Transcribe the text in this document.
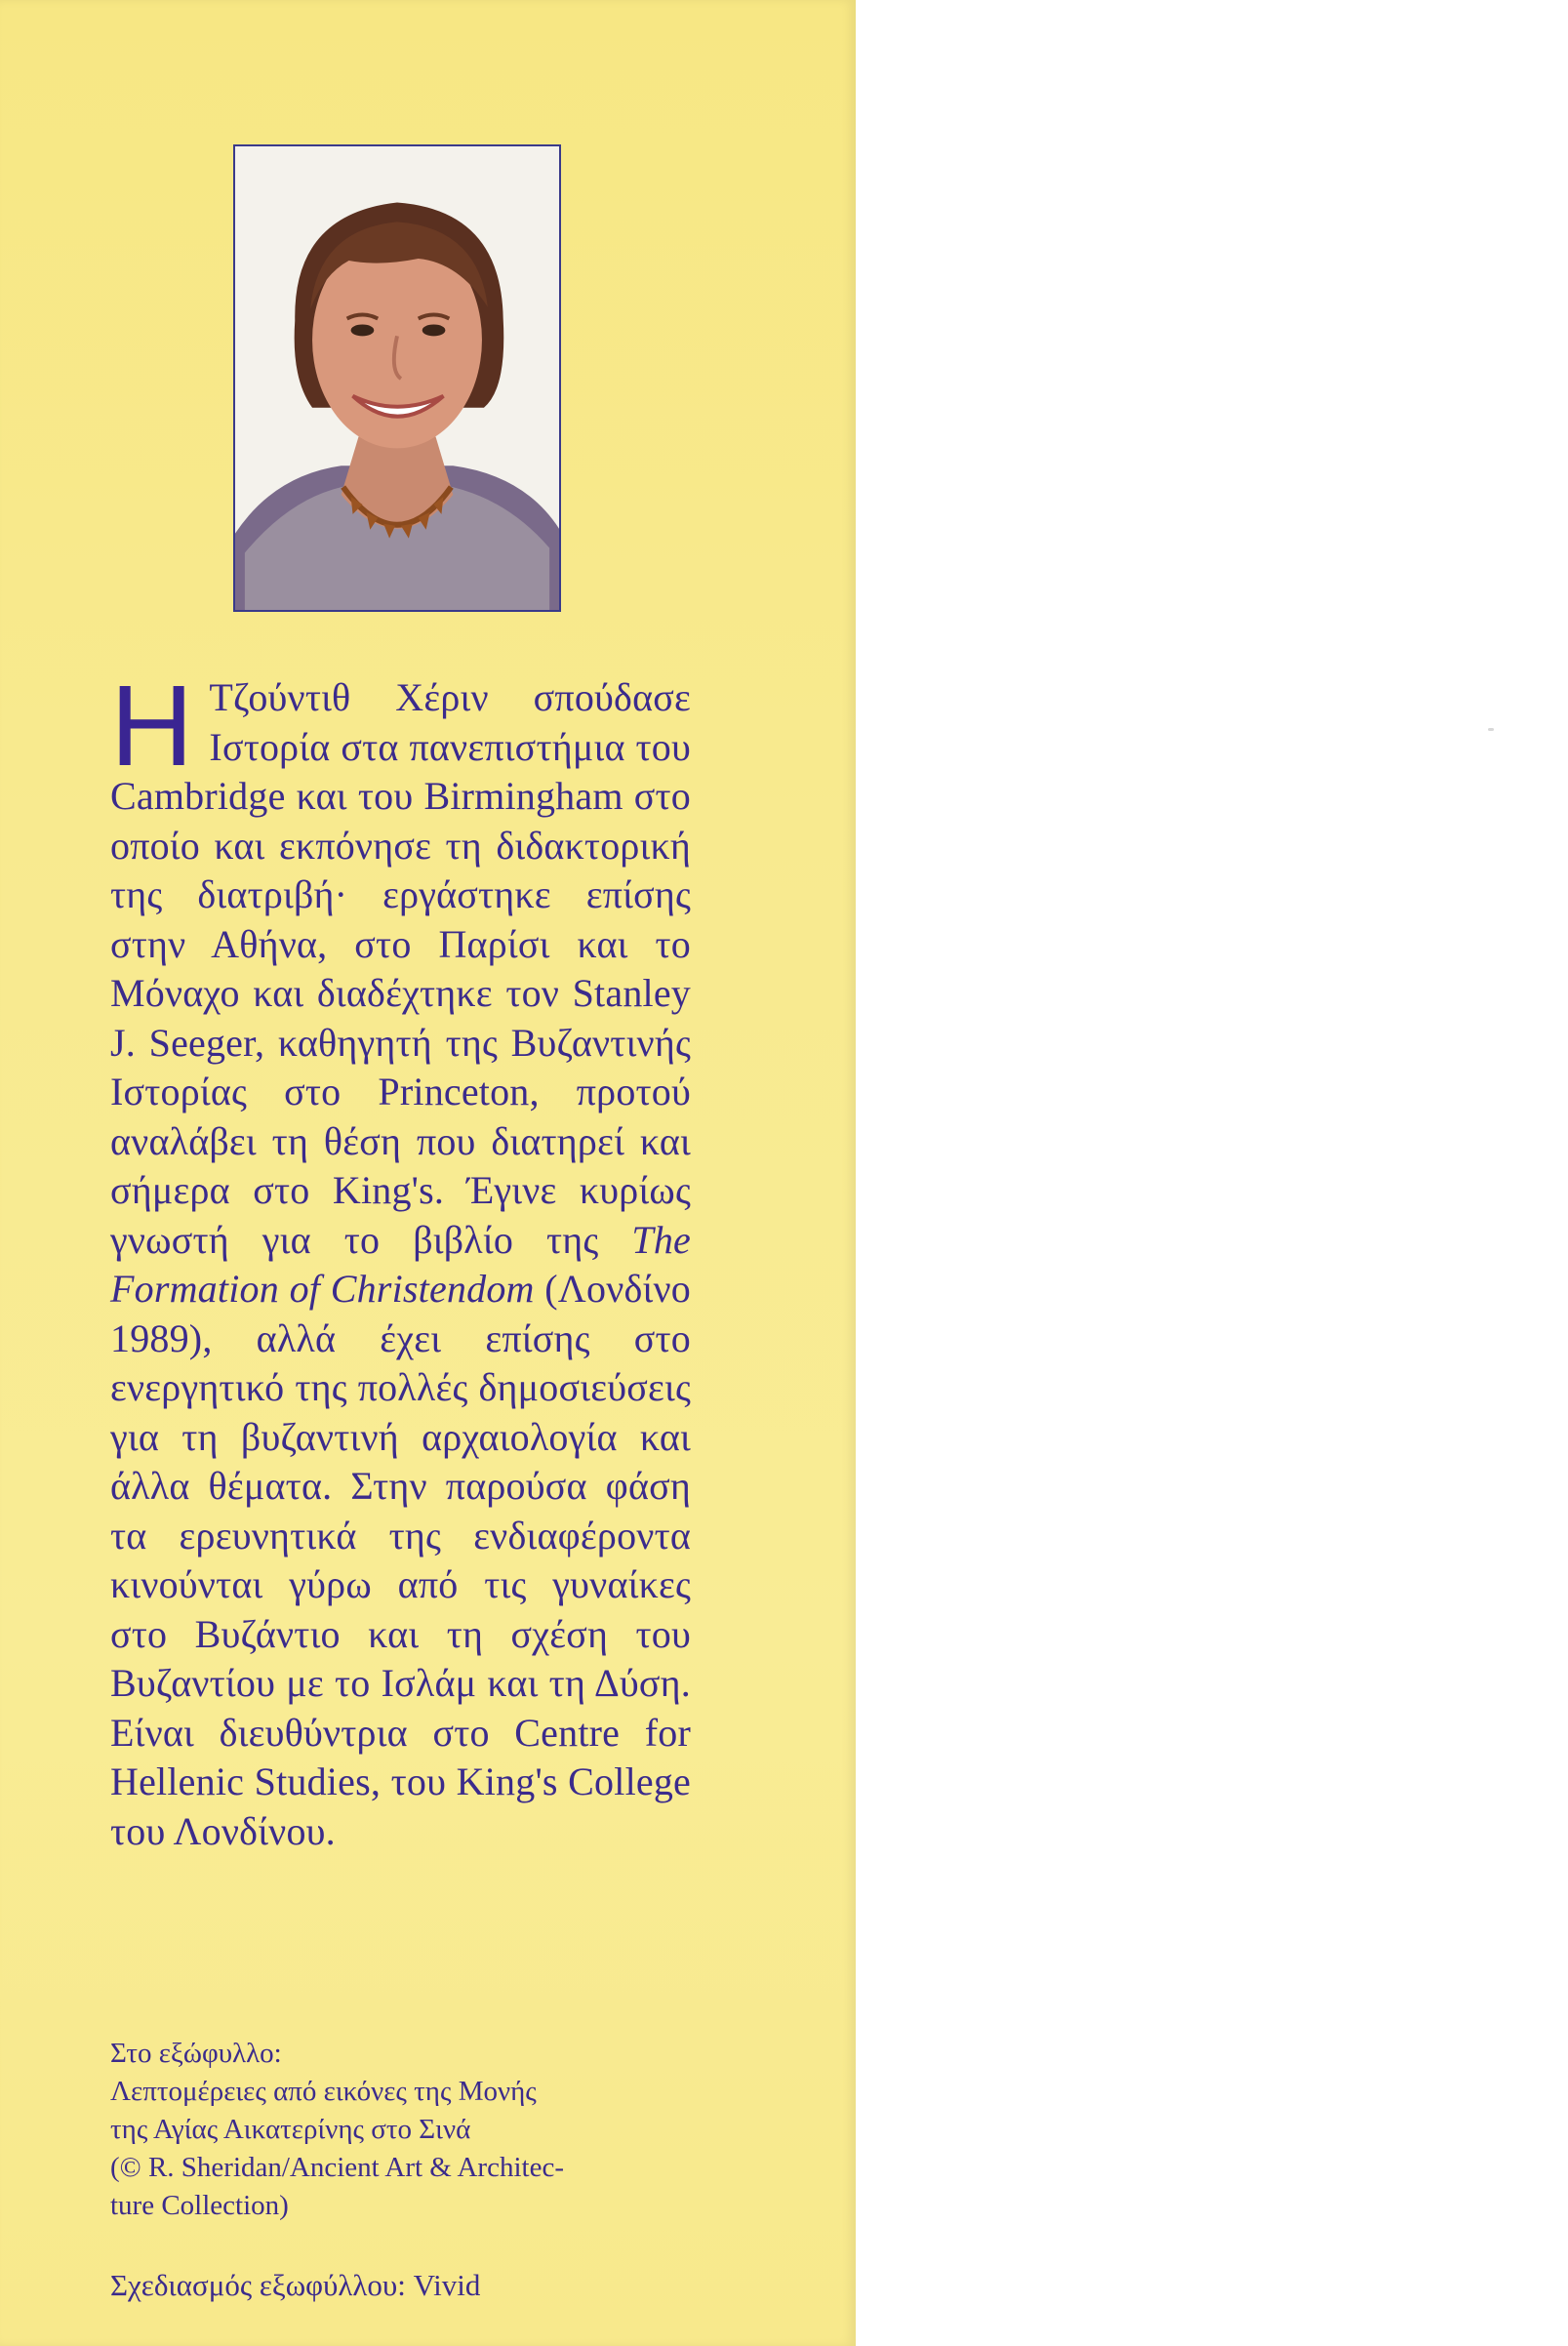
Η Τζούντιθ Χέριν σπούδασε Ιστορία στα πανεπιστήμια του Cambridge και του Birmingham στο οποίο και εκπόνησε τη διδακτορική της διατριβή· εργάστηκε επίσης στην Αθήνα, στο Παρίσι και το Μόναχο και διαδέχτηκε τον Stanley J. Seeger, καθηγητή της Βυζαντινής Ιστορίας στο Princeton, προτού αναλάβει τη θέση που διατηρεί και σήμερα στο King's. Έγινε κυρίως γνωστή για το βιβλίο της The Formation of Christendom (Λονδίνο 1989), αλλά έχει επίσης στο ενεργητικό της πολλές δημοσιεύσεις για τη βυζαντινή αρχαιολογία και άλλα θέματα. Στην παρούσα φάση τα ερευνητικά της ενδιαφέροντα κινούνται γύρω από τις γυναίκες στο Βυζάντιο και τη σχέση του Βυζαντίου με το Ισλάμ και τη Δύση. Είναι διευθύντρια στο Centre for Hellenic Studies, του King's College του Λονδίνου.

Στο εξώφυλλο:
Λεπτομέρειες από εικόνες της Μονής
της Αγίας Αικατερίνης στο Σινά
(© R. Sheridan/Ancient Art & Architec-
ture Collection)
Σχεδιασμός εξωφύλλου: Vivid
